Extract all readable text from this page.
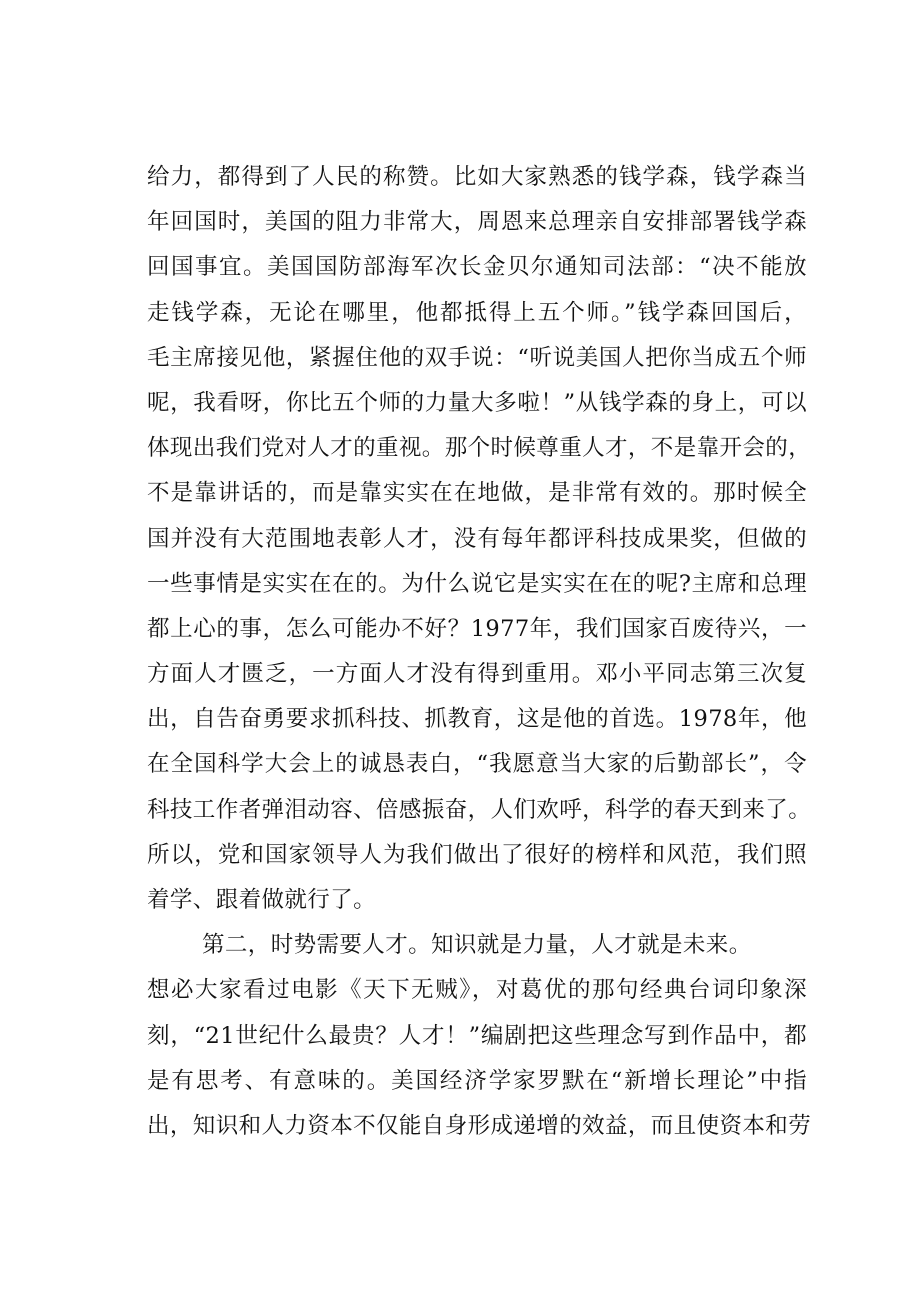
给力，都得到了人民的称赞。比如大家熟悉的钱学森，钱学森当
年回国时，美国的阻力非常大，周恩来总理亲自安排部署钱学森
回国事宜。美国国防部海军次长金贝尔通知司法部：“决不能放
走钱学森，无论在哪里，他都抵得上五个师。”钱学森回国后，
毛主席接见他，紧握住他的双手说：“听说美国人把你当成五个师
呢，我看呀，你比五个师的力量大多啦！”从钱学森的身上，可以
体现出我们党对人才的重视。那个时候尊重人才，不是靠开会的，
不是靠讲话的，而是靠实实在在地做，是非常有效的。那时候全
国并没有大范围地表彰人才，没有每年都评科技成果奖，但做的
一些事情是实实在在的。为什么说它是实实在在的呢?主席和总理
都上心的事，怎么可能办不好？1977年，我们国家百废待兴，一
方面人才匮乏，一方面人才没有得到重用。邓小平同志第三次复
出，自告奋勇要求抓科技、抓教育，这是他的首选。1978年，他
在全国科学大会上的诚恳表白，“我愿意当大家的后勤部长”，令
科技工作者弹泪动容、倍感振奋，人们欢呼，科学的春天到来了。
所以，党和国家领导人为我们做出了很好的榜样和风范，我们照
着学、跟着做就行了。
第二，时势需要人才。知识就是力量，人才就是未来。
想必大家看过电影《天下无贼》，对葛优的那句经典台词印象深
刻，“21世纪什么最贵？人才！”编剧把这些理念写到作品中，都
是有思考、有意味的。美国经济学家罗默在“新增长理论”中指
出，知识和人力资本不仅能自身形成递增的效益，而且使资本和劳
